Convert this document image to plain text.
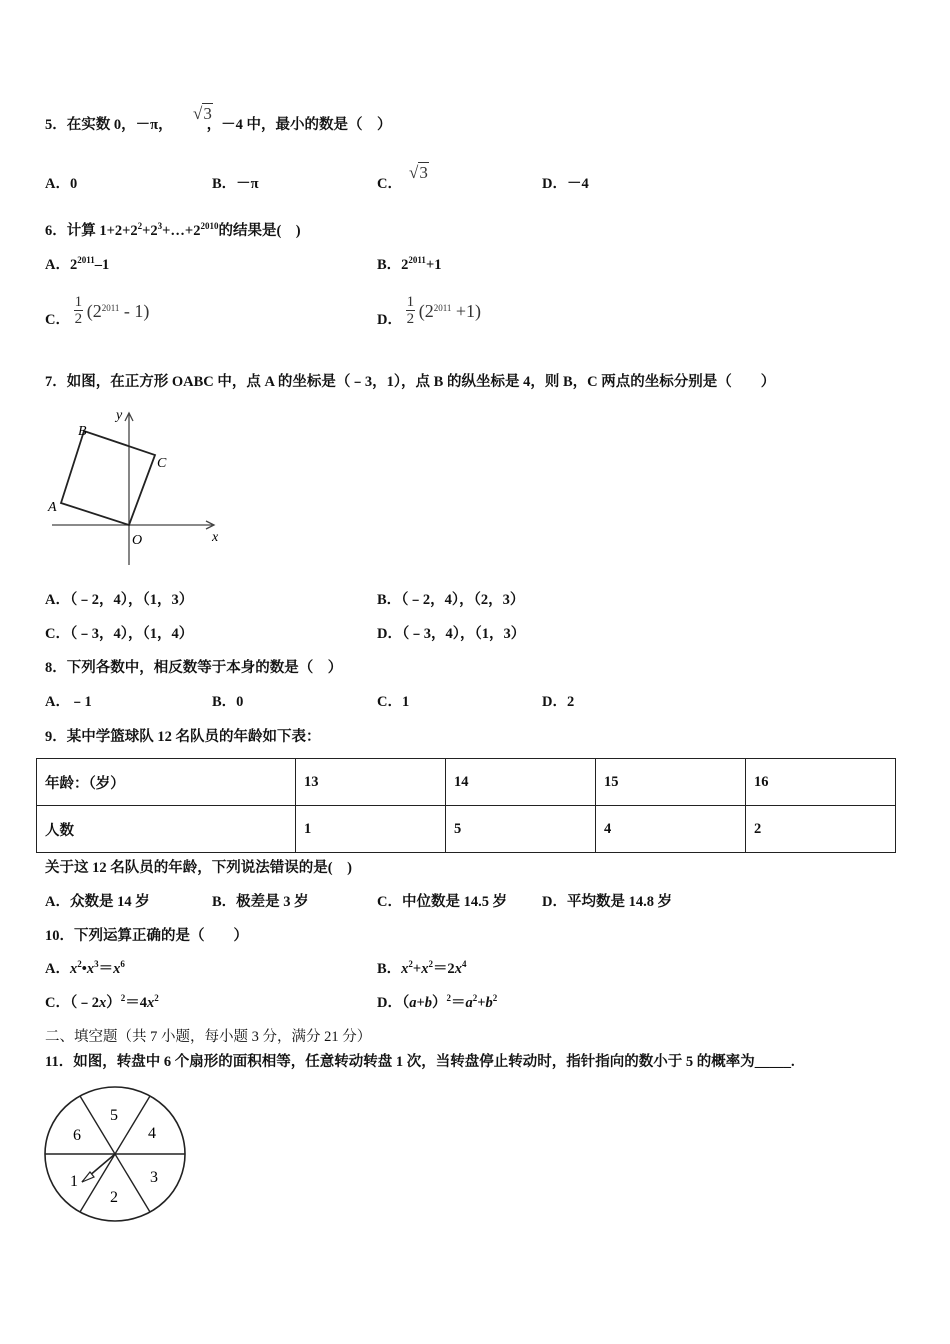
5．在实数 0，－π， ，－4 中，最小的数是（　）
√3
A．0	B．－π	C．
√3
D．－4
6．计算 $1+2+2^2+2^3+\dots+2^{2010}$的结果是(　)
A．$2^{2011}-1$	B．$2^{2011}+1$
C． $\frac{1}{2} (2^{2011} - 1)$	D． $\frac{1}{2} (2^{2011} +1)$
7．如图，在正方形 OABC 中，点 A 的坐标是（﹣3，1），点 B 的纵坐标是 4，则 B，C 两点的坐标分别是（　　）
B
C
A
O	x
y
A．（﹣2，4），（1，3）	B．（﹣2，4），（2，3）
C．（﹣3，4），（1，4）	D．（﹣3，4），（1，3）
8．下列各数中，相反数等于本身的数是（　）
A．﹣1	B．0	C．1	D．2
9．某中学篮球队 12 名队员的年龄如下表：
年龄：（岁）	13	14	15	16
人数	1	5	4	2
关于这 12 名队员的年龄，下列说法错误的是(　)
A．众数是 14 岁	B．极差是 3 岁	C．中位数是 14.5 岁 D．平均数是 14.8 岁
10．下列运算正确的是（　　）
A．$x^2•x^3=x^6$	B．$x^2+x^2=2x^4$
C．$(﹣2x)^2=4x^2$	D．$(a+b)^2=a^2+b^2$
二、填空题（共 7 小题，每小题 3 分，满分 21 分）
11．如图，转盘中 6 个扇形的面积相等，任意转动转盘 1 次，当转盘停止转动时，指针指向的数小于 5 的概率为_____.
5
4
6
3
1
2
